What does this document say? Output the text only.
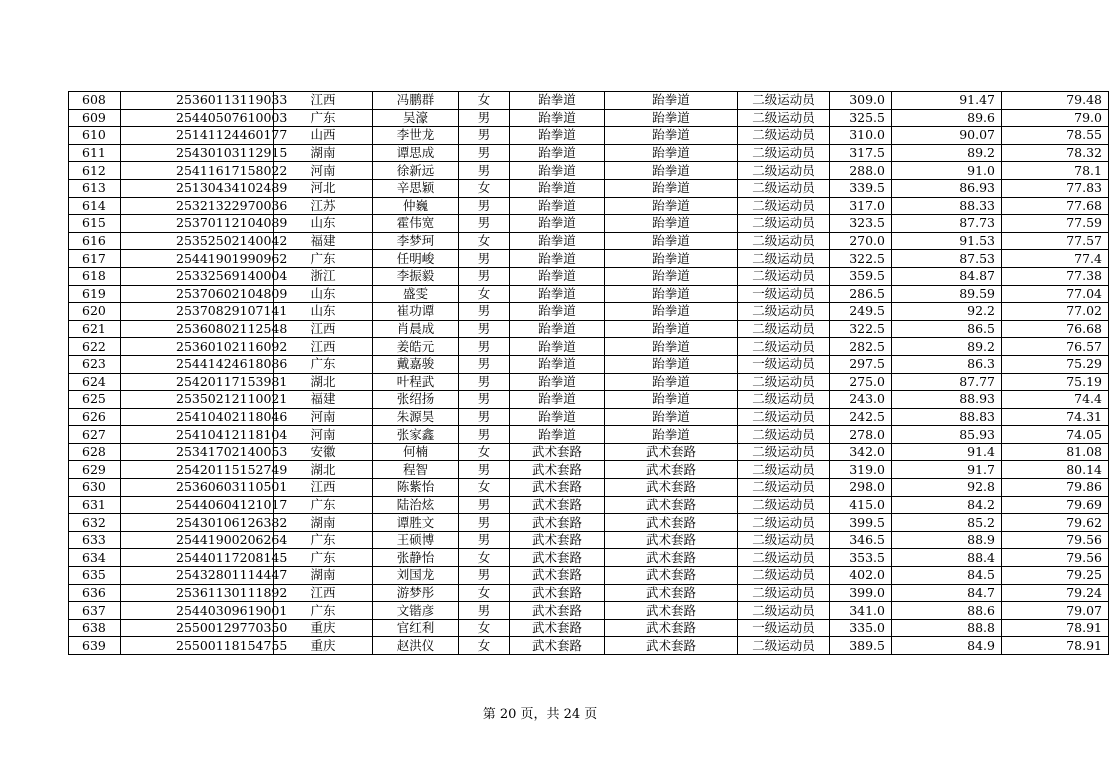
608	25360113119033	江西	冯鹏群	女	跆拳道	跆拳道	二级运动员	309.0	91.47	79.48
609	25440507610003	广东	吴濠	男	跆拳道	跆拳道	二级运动员	325.5	89.6	79.0
610	25141124460177	山西	李世龙	男	跆拳道	跆拳道	二级运动员	310.0	90.07	78.55
611	25430103112915	湖南	谭思成	男	跆拳道	跆拳道	二级运动员	317.5	89.2	78.32
612	25411617158022	河南	徐新远	男	跆拳道	跆拳道	二级运动员	288.0	91.0	78.1
613	25130434102489	河北	辛思颖	女	跆拳道	跆拳道	二级运动员	339.5	86.93	77.83
614	25321322970036	江苏	仲巍	男	跆拳道	跆拳道	二级运动员	317.0	88.33	77.68
615	25370112104089	山东	霍伟宽	男	跆拳道	跆拳道	二级运动员	323.5	87.73	77.59
616	25352502140042	福建	李梦珂	女	跆拳道	跆拳道	二级运动员	270.0	91.53	77.57
617	25441901990962	广东	任明峻	男	跆拳道	跆拳道	二级运动员	322.5	87.53	77.4
618	25332569140004	浙江	李振毅	男	跆拳道	跆拳道	二级运动员	359.5	84.87	77.38
619	25370602104809	山东	盛雯	女	跆拳道	跆拳道	一级运动员	286.5	89.59	77.04
620	25370829107141	山东	崔功谭	男	跆拳道	跆拳道	二级运动员	249.5	92.2	77.02
621	25360802112548	江西	肖晨成	男	跆拳道	跆拳道	二级运动员	322.5	86.5	76.68
622	25360102116092	江西	姜皓元	男	跆拳道	跆拳道	二级运动员	282.5	89.2	76.57
623	25441424618086	广东	戴嘉骏	男	跆拳道	跆拳道	一级运动员	297.5	86.3	75.29
624	25420117153981	湖北	叶程武	男	跆拳道	跆拳道	二级运动员	275.0	87.77	75.19
625	25350212110021	福建	张绍扬	男	跆拳道	跆拳道	二级运动员	243.0	88.93	74.4
626	25410402118046	河南	朱源昊	男	跆拳道	跆拳道	二级运动员	242.5	88.83	74.31
627	25410412118104	河南	张家鑫	男	跆拳道	跆拳道	二级运动员	278.0	85.93	74.05
628	25341702140053	安徽	何楠	女	武术套路	武术套路	二级运动员	342.0	91.4	81.08
629	25420115152749	湖北	程智	男	武术套路	武术套路	二级运动员	319.0	91.7	80.14
630	25360603110501	江西	陈紫怡	女	武术套路	武术套路	二级运动员	298.0	92.8	79.86
631	25440604121017	广东	陆治炫	男	武术套路	武术套路	二级运动员	415.0	84.2	79.69
632	25430106126382	湖南	谭胜文	男	武术套路	武术套路	二级运动员	399.5	85.2	79.62
633	25441900206264	广东	王硕博	男	武术套路	武术套路	二级运动员	346.5	88.9	79.56
634	25440117208145	广东	张静怡	女	武术套路	武术套路	二级运动员	353.5	88.4	79.56
635	25432801114447	湖南	刘国龙	男	武术套路	武术套路	二级运动员	402.0	84.5	79.25
636	25361130111892	江西	游梦彤	女	武术套路	武术套路	二级运动员	399.0	84.7	79.24
637	25440309619001	广东	文锴彦	男	武术套路	武术套路	二级运动员	341.0	88.6	79.07
638	25500129770350	重庆	官红利	女	武术套路	武术套路	一级运动员	335.0	88.8	78.91
639	25500118154755	重庆	赵洪仪	女	武术套路	武术套路	二级运动员	389.5	84.9	78.91
第 20 页，共 24 页
